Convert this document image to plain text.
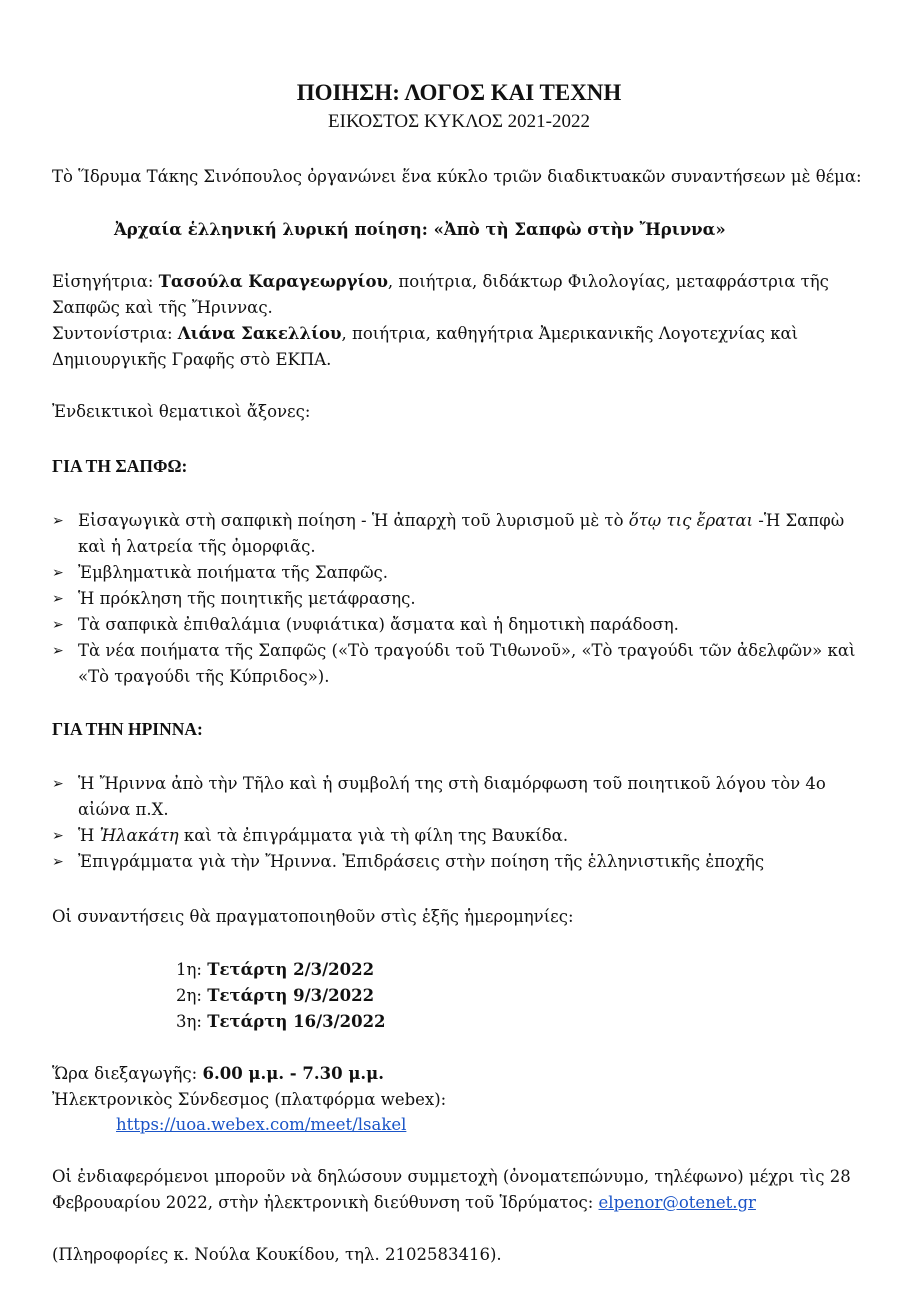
ΠΟΙΗΣΗ: ΛΟΓΟΣ ΚΑΙ ΤΕΧΝΗ
ΕΙΚΟΣΤΟΣ ΚΥΚΛΟΣ 2021-2022

Τὸ Ἵδρυμα Τάκης Σινόπουλος ὀργανώνει ἕνα κύκλο τριῶν διαδικτυακῶν συναντήσεων μὲ θέμα:

Ἀρχαία ἑλληνική λυρική ποίηση: «Ἀπὸ τὴ Σαπφὼ στὴν Ἤριννα»

Εἰσηγήτρια: Τασούλα Καραγεωργίου, ποιήτρια, διδάκτωρ Φιλολογίας, μεταφράστρια τῆς Σαπφῶς καὶ τῆς Ἤριννας.

Συντονίστρια: Λιάνα Σακελλίου, ποιήτρια, καθηγήτρια Ἀμερικανικῆς Λογοτεχνίας καὶ Δημιουργικῆς Γραφῆς στὸ ΕΚΠΑ.

Ἐνδεικτικοὶ θεματικοὶ ἄξονες:

ΓΙΑ ΤΗ ΣΑΠΦΩ:

➢ Εἰσαγωγικὰ στὴ σαπφικὴ ποίηση - Ἡ ἀπαρχὴ τοῦ λυρισμοῦ μὲ τὸ ὅτῳ τις ἔραται -Ἡ Σαπφὼ καὶ ἡ λατρεία τῆς ὀμορφιᾶς.
➢ Ἐμβληματικὰ ποιήματα τῆς Σαπφῶς.
➢ Ἡ πρόκληση τῆς ποιητικῆς μετάφρασης.
➢ Τὰ σαπφικὰ ἐπιθαλάμια (νυφιάτικα) ἄσματα καὶ ἡ δημοτικὴ παράδοση.
➢ Τὰ νέα ποιήματα τῆς Σαπφῶς («Τὸ τραγούδι τοῦ Τιθωνοῦ», «Τὸ τραγούδι τῶν ἀδελφῶν» καὶ «Τὸ τραγούδι τῆς Κύπριδος»).

ΓΙΑ ΤΗΝ ΗΡΙΝΝΑ:

➢ Ἡ Ἤριννα ἀπὸ τὴν Τῆλο καὶ ἡ συμβολή της στὴ διαμόρφωση τοῦ ποιητικοῦ λόγου τὸν 4ο αἰώνα π.Χ.
➢ Ἡ Ἠλακάτη καὶ τὰ ἐπιγράμματα γιὰ τὴ φίλη της Βαυκίδα.
➢ Ἐπιγράμματα γιὰ τὴν Ἤριννα. Ἐπιδράσεις στὴν ποίηση τῆς ἑλληνιστικῆς ἐποχῆς

Οἱ συναντήσεις θὰ πραγματοποιηθοῦν στὶς ἑξῆς ἡμερομηνίες:

1η: Τετάρτη 2/3/2022
2η: Τετάρτη 9/3/2022
3η: Τετάρτη 16/3/2022

Ὥρα διεξαγωγῆς: 6.00 μ.μ. - 7.30 μ.μ.

Ἠλεκτρονικὸς Σύνδεσμος (πλατφόρμα webex):

https://uoa.webex.com/meet/lsakel

Οἱ ἐνδιαφερόμενοι μποροῦν νὰ δηλώσουν συμμετοχὴ (ὀνοματεπώνυμο, τηλέφωνο) μέχρι τὶς 28 Φεβρουαρίου 2022, στὴν ἠλεκτρονικὴ διεύθυνση τοῦ Ἱδρύματος: elpenor@otenet.gr

(Πληροφορίες κ. Νούλα Κουκίδου, τηλ. 2102583416).
